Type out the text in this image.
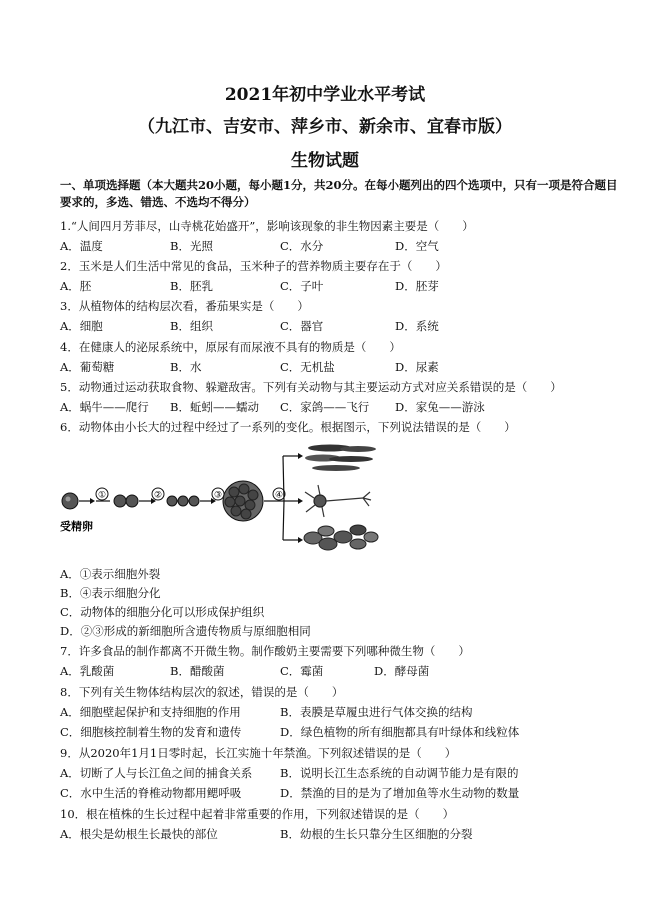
2021年初中学业水平考试
（九江市、吉安市、萍乡市、新余市、宜春市版）
生物试题
一、单项选择题（本大题共20小题，每小题1分，共20分。在每小题列出的四个选项中，只有一项是符合题目要求的，多选、错选、不选均不得分）
1.“人间四月芳菲尽，山寺桃花始盛开”，影响该现象的非生物因素主要是（　　）
A．温度	B．光照	C．水分	D．空气
2．玉米是人们生活中常见的食品，玉米种子的营养物质主要存在于（　　）
A．胚	B．胚乳	C．子叶	D．胚芽
3．从植物体的结构层次看，番茄果实是（　　）
A．细胞	B．组织	C．器官	D．系统
4．在健康人的泌尿系统中，原尿有而尿液不具有的物质是（　　）
A．葡萄糖	B．水	C．无机盐	D．尿素
5．动物通过运动获取食物、躲避敌害。下列有关动物与其主要运动方式对应关系错误的是（　　）
A．蜗牛——爬行 B．蚯蚓——蠕动 C．家鸽——飞行 D．家兔——游泳
6．动物体由小长大的过程中经过了一系列的变化。根据图示，下列说法错误的是（　　）
①	②	③	④
受精卵
A．①表示细胞外裂
B．④表示细胞分化
C．动物体的细胞分化可以形成保护组织
D．②③形成的新细胞所含遗传物质与原细胞相同
7．许多食品的制作都离不开微生物。制作酸奶主要需要下列哪种微生物（　　）
A．乳酸菌	B．醋酸菌	C．霉菌	D．酵母菌
8．下列有关生物体结构层次的叙述，错误的是（　　）
A．细胞壁起保护和支持细胞的作用	B．表膜是草履虫进行气体交换的结构
C．细胞核控制着生物的发育和遗传	D．绿色植物的所有细胞都具有叶绿体和线粒体
9．从2020年1月1日零时起，长江实施十年禁渔。下列叙述错误的是（　　）
A．切断了人与长江鱼之间的捕食关系 B．说明长江生态系统的自动调节能力是有限的
C．水中生活的脊椎动物都用鳃呼吸	D．禁渔的目的是为了增加鱼等水生动物的数量
10．根在植株的生长过程中起着非常重要的作用，下列叙述错误的是（　　）
A．根尖是幼根生长最快的部位	B．幼根的生长只靠分生区细胞的分裂
